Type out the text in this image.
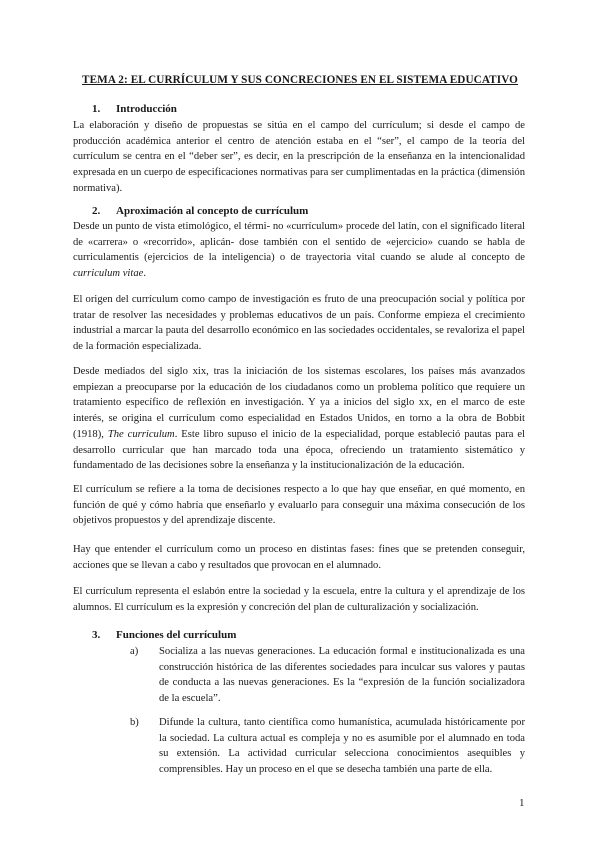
TEMA 2: EL CURRÍCULUM Y SUS CONCRECIONES EN EL SISTEMA EDUCATIVO
1. Introducción

La elaboración y diseño de propuestas se sitúa en el campo del currículum; si desde el campo de producción académica anterior el centro de atención estaba en el “ser”, el campo de la teoría del currículum se centra en el “deber ser”, es decir, en la prescripción de la enseñanza en la intencionalidad expresada en un cuerpo de especificaciones normativas para ser cumplimentadas en la práctica (dimensión normativa).

2. Aproximación al concepto de currículum

Desde un punto de vista etimológico, el térmi- no «currículum» procede del latín, con el significado literal de «carrera» o «recorrido», aplicán- dose también con el sentido de «ejercicio» cuando se habla de curriculamentis (ejercicios de la inteligencia) o de trayectoria vital cuando se alude al concepto de curriculum vitae.

El origen del currículum como campo de investigación es fruto de una preocupación social y política por tratar de resolver las necesidades y problemas educativos de un país. Conforme empieza el crecimiento industrial a marcar la pauta del desarrollo económico en las sociedades occidentales, se revaloriza el papel de la formación especializada.

Desde mediados del siglo xix, tras la iniciación de los sistemas escolares, los países más avanzados empiezan a preocuparse por la educación de los ciudadanos como un problema político que requiere un tratamiento específico de reflexión en investigación. Y ya a inicios del siglo xx, en el marco de este interés, se origina el currículum como especialidad en Estados Unidos, en torno a la obra de Bobbit (1918), The curriculum. Este libro supuso el inicio de la especialidad, porque estableció pautas para el desarrollo curricular que han marcado toda una época, ofreciendo un tratamiento sistemático y fundamentado de las decisiones sobre la enseñanza y la institucionalización de la educación.

El currículum se refiere a la toma de decisiones respecto a lo que hay que enseñar, en qué momento, en función de qué y cómo habría que enseñarlo y evaluarlo para conseguir una máxima consecución de los objetivos propuestos y del aprendizaje discente.

Hay que entender el currículum como un proceso en distintas fases: fines que se pretenden conseguir, acciones que se llevan a cabo y resultados que provocan en el alumnado.

El currículum representa el eslabón entre la sociedad y la escuela, entre la cultura y el aprendizaje de los alumnos. El currículum es la expresión y concreción del plan de culturalización y socialización.

3. Funciones del currículum
a) Socializa a las nuevas generaciones. La educación formal e institucionalizada es una construcción histórica de las diferentes sociedades para inculcar sus valores y pautas de conducta a las nuevas generaciones. Es la “expresión de la función socializadora de la escuela”.
b) Difunde la cultura, tanto científica como humanística, acumulada históricamente por la sociedad. La cultura actual es compleja y no es asumible por el alumnado en toda su extensión. La actividad curricular selecciona conocimientos asequibles y comprensibles. Hay un proceso en el que se desecha también una parte de ella.
1
